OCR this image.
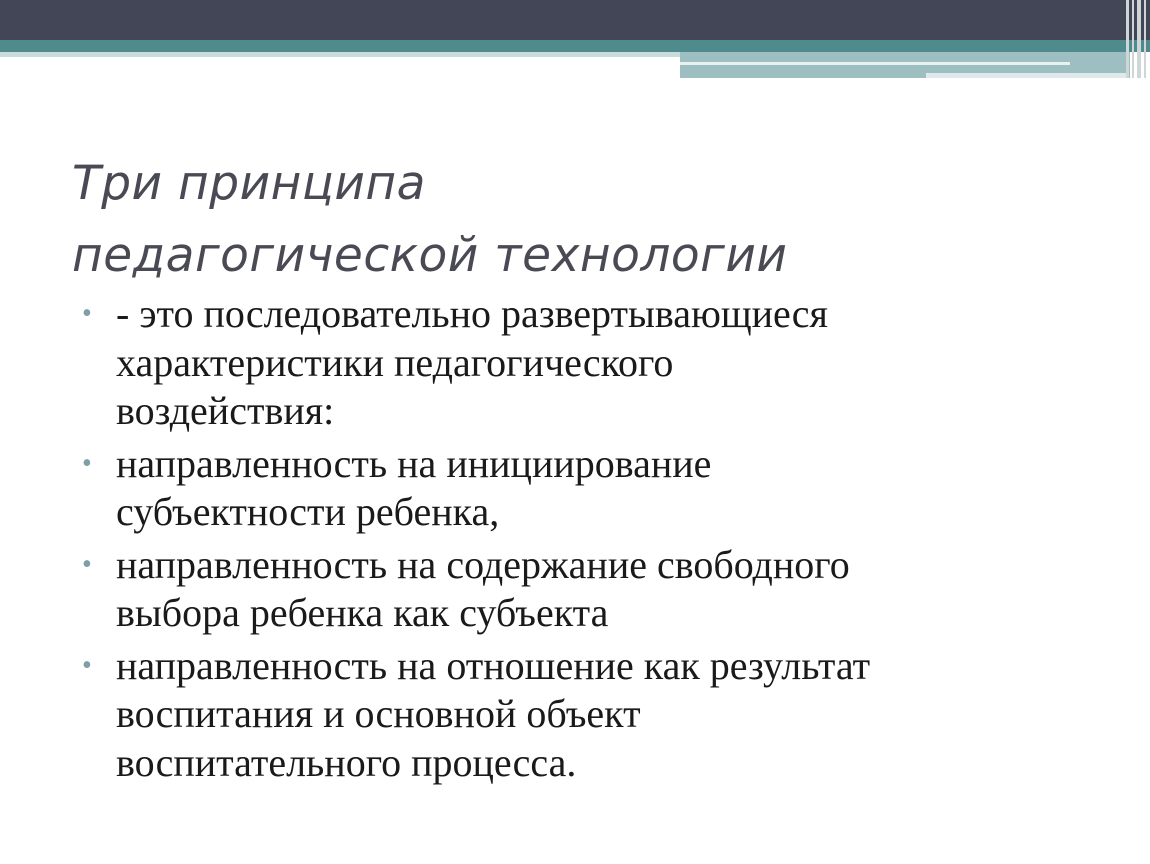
Три принципа
педагогической технологии
• - это последовательно развертывающиеся
характеристики педагогического
воздействия:
• направленность на инициирование
субъектности ребенка,
• направленность на содержание свободного
выбора ребенка как субъекта
• направленность на отношение как результат
воспитания и основной объект
воспитательного процесса.
